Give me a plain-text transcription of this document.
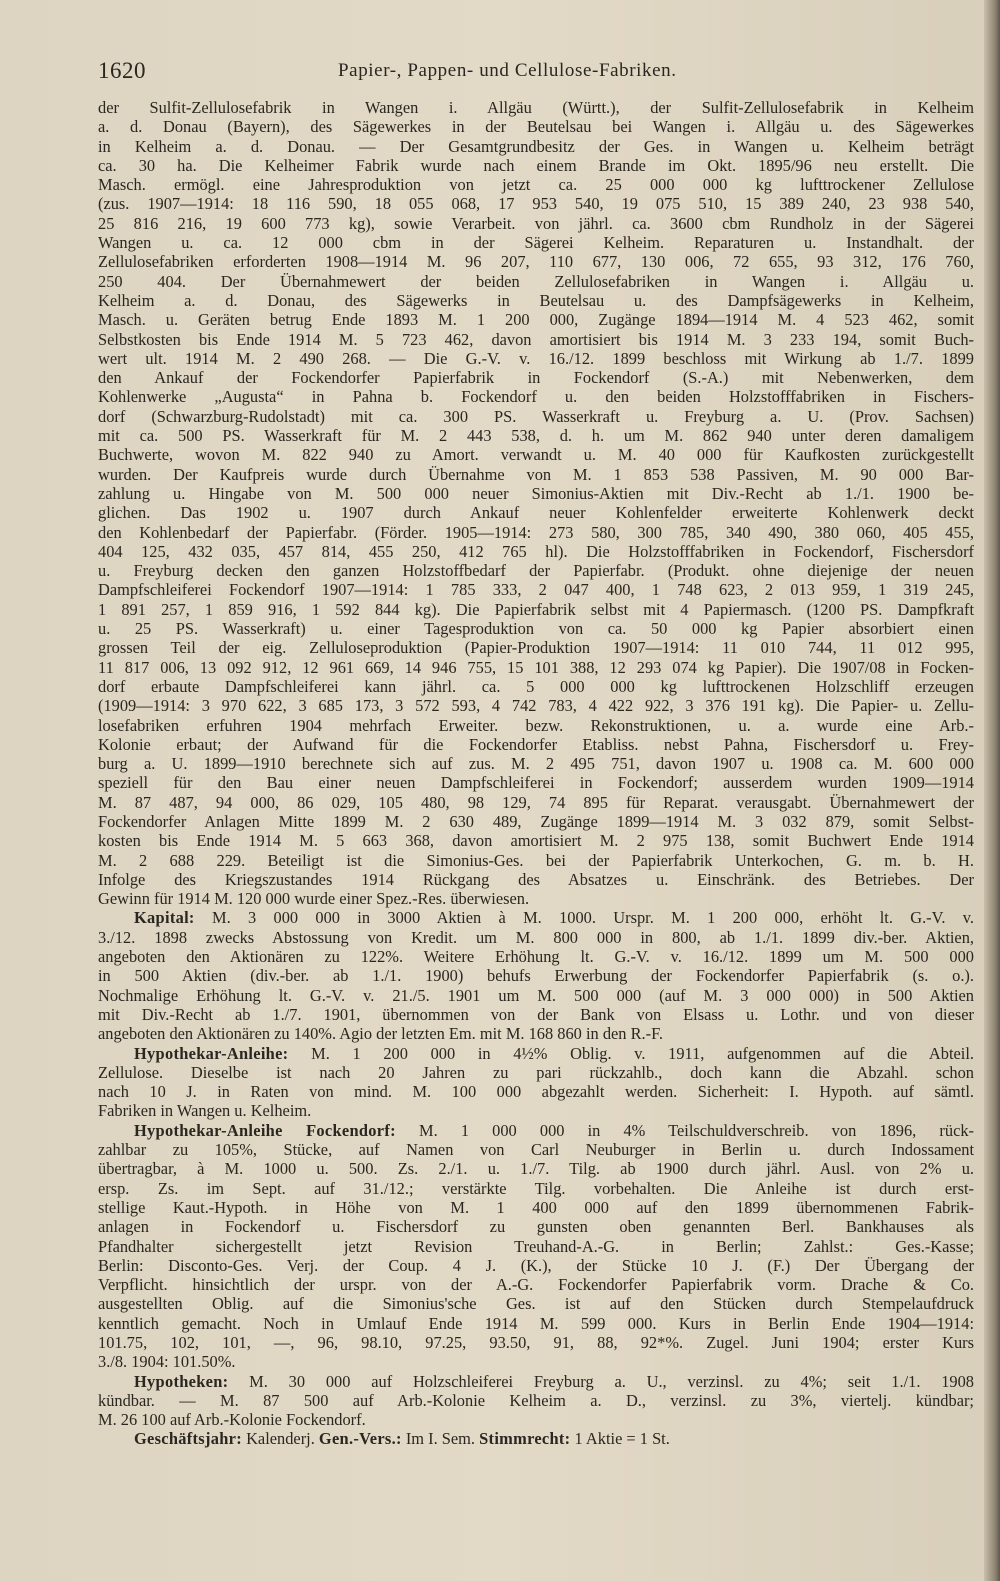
1620	Papier-, Pappen- und Cellulose-Fabriken.
der Sulfit-Zellulosefabrik in Wangen i. Allgäu (Württ.), der Sulfit-Zellulosefabrik in Kelheim
a. d. Donau (Bayern), des Sägewerkes in der Beutelsau bei Wangen i. Allgäu u. des Sägewerkes
in Kelheim a. d. Donau. — Der Gesamtgrundbesitz der Ges. in Wangen u. Kelheim beträgt
ca. 30 ha. Die Kelheimer Fabrik wurde nach einem Brande im Okt. 1895/96 neu erstellt. Die
Masch. ermögl. eine Jahresproduktion von jetzt ca. 25 000 000 kg lufttrockener Zellulose
(zus. 1907—1914: 18 116 590, 18 055 068, 17 953 540, 19 075 510, 15 389 240, 23 938 540,
25 816 216, 19 600 773 kg), sowie Verarbeit. von jährl. ca. 3600 cbm Rundholz in der Sägerei
Wangen u. ca. 12 000 cbm in der Sägerei Kelheim. Reparaturen u. Instandhalt. der
Zellulosefabriken erforderten 1908—1914 M. 96 207, 110 677, 130 006, 72 655, 93 312, 176 760,
250 404. Der Übernahmewert der beiden Zellulosefabriken in Wangen i. Allgäu u.
Kelheim a. d. Donau, des Sägewerks in Beutelsau u. des Dampfsägewerks in Kelheim,
Masch. u. Geräten betrug Ende 1893 M. 1 200 000, Zugänge 1894—1914 M. 4 523 462, somit
Selbstkosten bis Ende 1914 M. 5 723 462, davon amortisiert bis 1914 M. 3 233 194, somit Buch-
wert ult. 1914 M. 2 490 268. — Die G.-V. v. 16./12. 1899 beschloss mit Wirkung ab 1./7. 1899
den Ankauf der Fockendorfer Papierfabrik in Fockendorf (S.-A.) mit Nebenwerken, dem
Kohlenwerke „Augusta“ in Pahna b. Fockendorf u. den beiden Holzstofffabriken in Fischers-
dorf (Schwarzburg-Rudolstadt) mit ca. 300 PS. Wasserkraft u. Freyburg a. U. (Prov. Sachsen)
mit ca. 500 PS. Wasserkraft für M. 2 443 538, d. h. um M. 862 940 unter deren damaligem
Buchwerte, wovon M. 822 940 zu Amort. verwandt u. M. 40 000 für Kaufkosten zurückgestellt
wurden. Der Kaufpreis wurde durch Übernahme von M. 1 853 538 Passiven, M. 90 000 Bar-
zahlung u. Hingabe von M. 500 000 neuer Simonius-Aktien mit Div.-Recht ab 1./1. 1900 be-
glichen. Das 1902 u. 1907 durch Ankauf neuer Kohlenfelder erweiterte Kohlenwerk deckt
den Kohlenbedarf der Papierfabr. (Förder. 1905—1914: 273 580, 300 785, 340 490, 380 060, 405 455,
404 125, 432 035, 457 814, 455 250, 412 765 hl). Die Holzstofffabriken in Fockendorf, Fischersdorf
u. Freyburg decken den ganzen Holzstoffbedarf der Papierfabr. (Produkt. ohne diejenige der neuen
Dampfschleiferei Fockendorf 1907—1914: 1 785 333, 2 047 400, 1 748 623, 2 013 959, 1 319 245,
1 891 257, 1 859 916, 1 592 844 kg). Die Papierfabrik selbst mit 4 Papiermasch. (1200 PS. Dampfkraft
u. 25 PS. Wasserkraft) u. einer Tagesproduktion von ca. 50 000 kg Papier absorbiert einen
grossen Teil der eig. Zelluloseproduktion (Papier-Produktion 1907—1914: 11 010 744, 11 012 995,
11 817 006, 13 092 912, 12 961 669, 14 946 755, 15 101 388, 12 293 074 kg Papier). Die 1907/08 in Focken-
dorf erbaute Dampfschleiferei kann jährl. ca. 5 000 000 kg lufttrockenen Holzschliff erzeugen
(1909—1914: 3 970 622, 3 685 173, 3 572 593, 4 742 783, 4 422 922, 3 376 191 kg). Die Papier- u. Zellu-
losefabriken erfuhren 1904 mehrfach Erweiter. bezw. Rekonstruktionen, u. a. wurde eine Arb.-
Kolonie erbaut; der Aufwand für die Fockendorfer Etabliss. nebst Pahna, Fischersdorf u. Frey-
burg a. U. 1899—1910 berechnete sich auf zus. M. 2 495 751, davon 1907 u. 1908 ca. M. 600 000
speziell für den Bau einer neuen Dampfschleiferei in Fockendorf; ausserdem wurden 1909—1914
M. 87 487, 94 000, 86 029, 105 480, 98 129, 74 895 für Reparat. verausgabt. Übernahmewert der
Fockendorfer Anlagen Mitte 1899 M. 2 630 489, Zugänge 1899—1914 M. 3 032 879, somit Selbst-
kosten bis Ende 1914 M. 5 663 368, davon amortisiert M. 2 975 138, somit Buchwert Ende 1914
M. 2 688 229. Beteiligt ist die Simonius-Ges. bei der Papierfabrik Unterkochen, G. m. b. H.
Infolge des Kriegszustandes 1914 Rückgang des Absatzes u. Einschränk. des Betriebes. Der
Gewinn für 1914 M. 120 000 wurde einer Spez.-Res. überwiesen.
Kapital: M. 3 000 000 in 3000 Aktien à M. 1000. Urspr. M. 1 200 000, erhöht lt. G.-V. v.
3./12. 1898 zwecks Abstossung von Kredit. um M. 800 000 in 800, ab 1./1. 1899 div.-ber. Aktien,
angeboten den Aktionären zu 122%. Weitere Erhöhung lt. G.-V. v. 16./12. 1899 um M. 500 000
in 500 Aktien (div.-ber. ab 1./1. 1900) behufs Erwerbung der Fockendorfer Papierfabrik (s. o.).
Nochmalige Erhöhung lt. G.-V. v. 21./5. 1901 um M. 500 000 (auf M. 3 000 000) in 500 Aktien
mit Div.-Recht ab 1./7. 1901, übernommen von der Bank von Elsass u. Lothr. und von dieser
angeboten den Aktionären zu 140%. Agio der letzten Em. mit M. 168 860 in den R.-F.
Hypothekar-Anleihe: M. 1 200 000 in 4½% Oblig. v. 1911, aufgenommen auf die Abteil.
Zellulose. Dieselbe ist nach 20 Jahren zu pari rückzahlb., doch kann die Abzahl. schon
nach 10 J. in Raten von mind. M. 100 000 abgezahlt werden. Sicherheit: I. Hypoth. auf sämtl.
Fabriken in Wangen u. Kelheim.
Hypothekar-Anleihe Fockendorf: M. 1 000 000 in 4% Teilschuldverschreib. von 1896, rück-
zahlbar zu 105%, Stücke, auf Namen von Carl Neuburger in Berlin u. durch Indossament
übertragbar, à M. 1000 u. 500. Zs. 2./1. u. 1./7. Tilg. ab 1900 durch jährl. Ausl. von 2% u.
ersp. Zs. im Sept. auf 31./12.; verstärkte Tilg. vorbehalten. Die Anleihe ist durch erst-
stellige Kaut.-Hypoth. in Höhe von M. 1 400 000 auf den 1899 übernommenen Fabrik-
anlagen in Fockendorf u. Fischersdorf zu gunsten oben genannten Berl. Bankhauses als
Pfandhalter sichergestellt jetzt Revision Treuhand-A.-G. in Berlin; Zahlst.: Ges.-Kasse;
Berlin: Disconto-Ges. Verj. der Coup. 4 J. (K.), der Stücke 10 J. (F.) Der Übergang der
Verpflicht. hinsichtlich der urspr. von der A.-G. Fockendorfer Papierfabrik vorm. Drache & Co.
ausgestellten Oblig. auf die Simonius'sche Ges. ist auf den Stücken durch Stempelaufdruck
kenntlich gemacht. Noch in Umlauf Ende 1914 M. 599 000. Kurs in Berlin Ende 1904—1914:
101.75, 102, 101, —, 96, 98.10, 97.25, 93.50, 91, 88, 92*%. Zugel. Juni 1904; erster Kurs
3./8. 1904: 101.50%.
Hypotheken: M. 30 000 auf Holzschleiferei Freyburg a. U., verzinsl. zu 4%; seit 1./1. 1908
kündbar. — M. 87 500 auf Arb.-Kolonie Kelheim a. D., verzinsl. zu 3%, viertelj. kündbar;
M. 26 100 auf Arb.-Kolonie Fockendorf.
Geschäftsjahr: Kalenderj. Gen.-Vers.: Im I. Sem. Stimmrecht: 1 Aktie = 1 St.
